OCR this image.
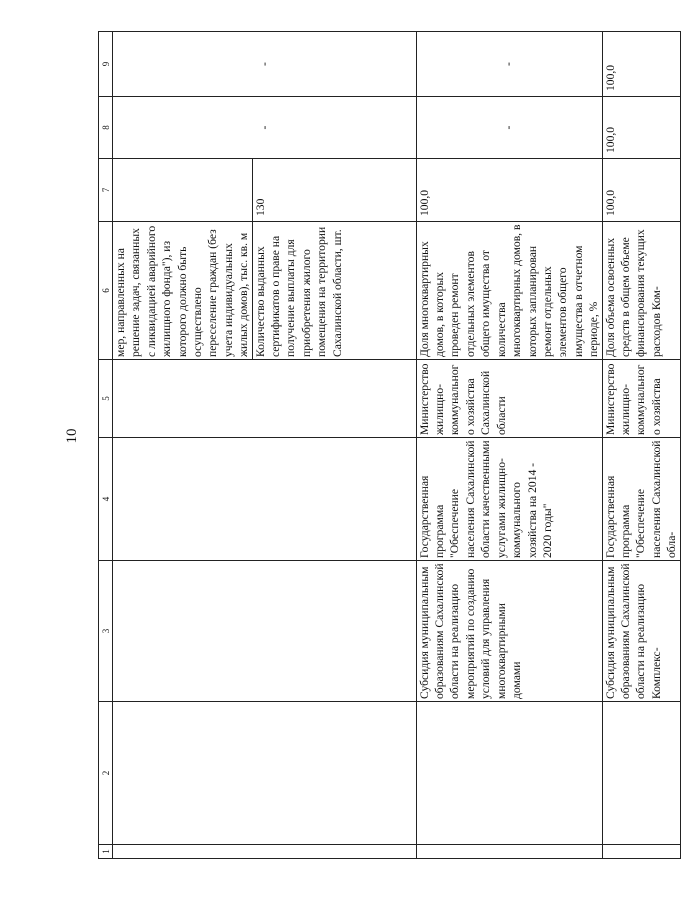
10
1	2	3	4	5	6	7	8	9
					мер, направленных на решение задач, связанных с ликвидацией аварийного жилищного фонда"), из которого должно быть осуществлено переселение граждан (без учета индивидуальных жилых домов), тыс. кв. м		-	-
					Количество выданных сертификатов о праве на получение выплаты для приобретения жилого помещения на территории Сахалинской области, шт.	130		
		Субсидия муниципальным образованиям Сахалинской области на реализацию мероприятий по созданию условий для управления многоквартирными домами	Государственная программа "Обеспечение населения Сахалинской области качественными услугами жилищно-коммунального хозяйства на 2014 - 2020 годы"	Министерство жилищно-коммунального хозяйства Сахалинской области	Доля многоквартирных домов, в которых проведен ремонт отдельных элементов общего имущества от количества многоквартирных домов, в которых запланирован ремонт отдельных элементов общего имущества в отчетном периоде, %	100,0	-	-
		Субсидия муниципальным образованиям Сахалинской области на реализацию Комплекс-	Государственная программа "Обеспечение населения Сахалинской обла-	Министерство жилищно-коммунального хозяйства	Доля объема освоенных средств в общем объеме финансирования текущих расходов Ком-	100,0	100,0	100,0
